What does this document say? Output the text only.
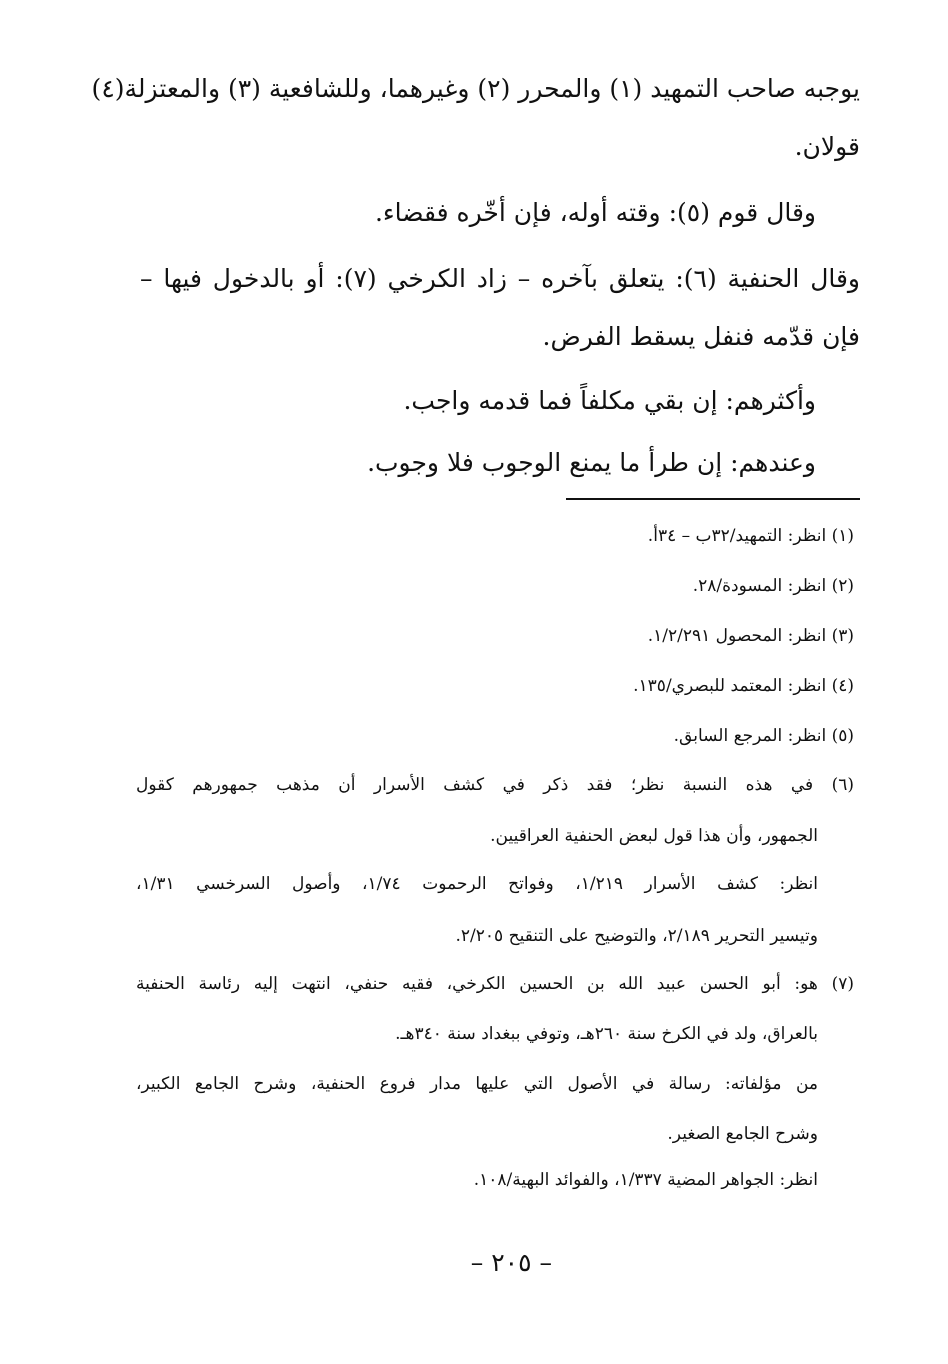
يوجبه صاحب التمهيد (١) والمحرر (٢) وغيرهما، وللشافعية (٣) والمعتزلة(٤)
قولان.
وقال قوم (٥): وقته أوله، فإن أخّره فقضاء.
وقال الحنفية (٦): يتعلق بآخره – زاد الكرخي (٧): أو بالدخول فيها –
فإن قدّمه فنفل يسقط الفرض.
وأكثرهم: إن بقي مكلفاً فما قدمه واجب.
وعندهم: إن طرأ ما يمنع الوجوب فلا وجوب.
(١) انظر: التمهيد/٣٢ب – ٣٤أ.
(٢) انظر: المسودة/٢٨.
(٣) انظر: المحصول ١/٢/٢٩١.
(٤) انظر: المعتمد للبصري/١٣٥.
(٥) انظر: المرجع السابق.
(٦) في هذه النسبة نظر؛ فقد ذكر في كشف الأسرار أن مذهب جمهورهم كقول
الجمهور، وأن هذا قول لبعض الحنفية العراقيين.
انظر: كشف الأسرار ١/٢١٩، وفواتح الرحموت ١/٧٤، وأصول السرخسي ١/٣١،
وتيسير التحرير ٢/١٨٩، والتوضيح على التنقيح ٢/٢٠٥.
(٧) هو: أبو الحسن عبيد الله بن الحسين الكرخي، فقيه حنفي، انتهت إليه رئاسة الحنفية
بالعراق، ولد في الكرخ سنة ٢٦٠هـ، وتوفي ببغداد سنة ٣٤٠هـ.
من مؤلفاته: رسالة في الأصول التي عليها مدار فروع الحنفية، وشرح الجامع الكبير،
وشرح الجامع الصغير.
انظر: الجواهر المضية ١/٣٣٧، والفوائد البهية/١٠٨.
– ٢٠٥ –
